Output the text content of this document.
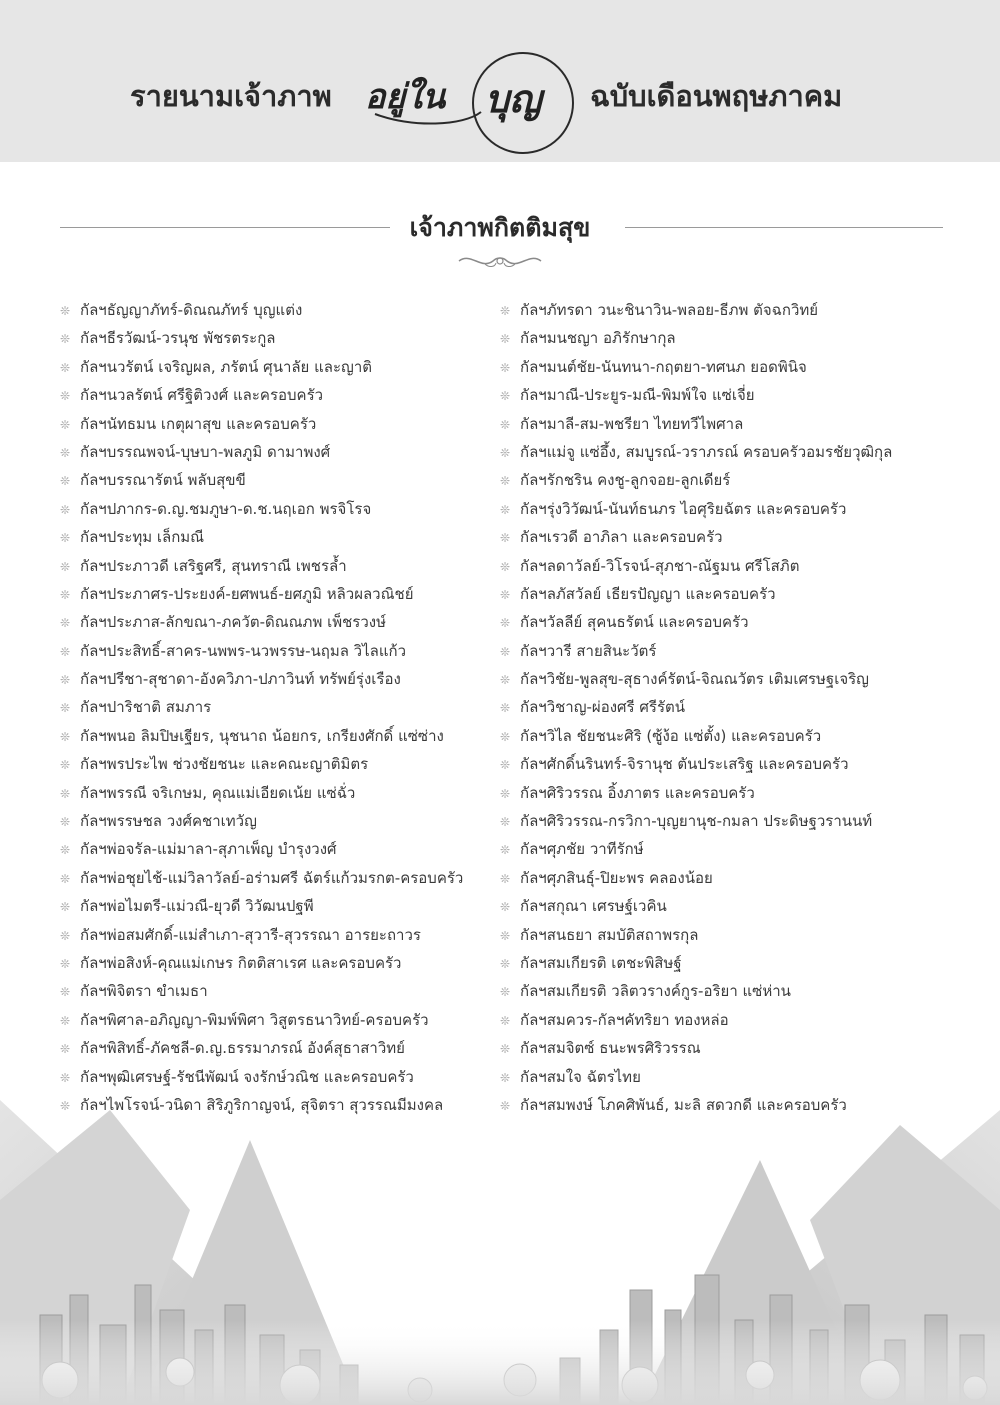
รายนามเจ้าภาพ อยู่ใน บุญ ฉบับเดือนพฤษภาคม
เจ้าภาพกิตติมสุข
❊ กัลฯธัญญาภัทร์-ดิณณภัทร์ บุญแต่ง
❊ กัลฯธีรวัฒน์-วรนุช พัชรตระกูล
❊ กัลฯนวรัตน์ เจริญผล, ภรัตน์ ศุนาลัย และญาติ
❊ กัลฯนวลรัตน์ ศรีฐิติวงศ์ และครอบครัว
❊ กัลฯนัทธมน เกตุผาสุข และครอบครัว
❊ กัลฯบรรณพจน์-บุษบา-พลภูมิ ดามาพงศ์
❊ กัลฯบรรณารัตน์ พลับสุขขี
❊ กัลฯปภากร-ด.ญ.ชมภูษา-ด.ช.นฤเอก พรจิโรจ
❊ กัลฯประทุม เล็กมณี
❊ กัลฯประภาวดี เสริฐศรี, สุนทราณี เพชรล้ำ
❊ กัลฯประภาศร-ประยงค์-ยศพนธ์-ยศภูมิ หลิวผลวณิชย์
❊ กัลฯประภาส-ลักขณา-ภควัต-ดิณณภพ เพ็ชรวงษ์
❊ กัลฯประสิทธิ์-สาคร-นพพร-นวพรรษ-นฤมล วิไลแก้ว
❊ กัลฯปรีชา-สุชาดา-อังควิภา-ปภาวินท์ ทรัพย์รุ่งเรือง
❊ กัลฯปาริชาติ สมภาร
❊ กัลฯพนอ ลิมปิษเฐียร, นุชนาถ น้อยกร, เกรียงศักดิ์ แซ่ซ่าง
❊ กัลฯพรประไพ ช่วงชัยชนะ และคณะญาติมิตร
❊ กัลฯพรรณี จริเกษม, คุณแม่เอียดเน้ย แซ่ฉั่ว
❊ กัลฯพรรษชล วงศ์คชาเทวัญ
❊ กัลฯพ่อจรัล-แม่มาลา-สุภาเพ็ญ บำรุงวงศ์
❊ กัลฯพ่อชุยไช้-แม่วิลาวัลย์-อร่ามศรี ฉัตร์แก้วมรกต-ครอบครัว
❊ กัลฯพ่อไมตรี-แม่วณี-ยุวดี วิวัฒนปฐพี
❊ กัลฯพ่อสมศักดิ์-แม่สำเภา-สุวารี-สุวรรณา อารยะถาวร
❊ กัลฯพ่อสิงห์-คุณแม่เกษร กิตติสาเรศ และครอบครัว
❊ กัลฯพิจิตรา ขำเมธา
❊ กัลฯพิศาล-อภิญญา-พิมพ์พิศา วิสูตรธนาวิทย์-ครอบครัว
❊ กัลฯพิสิทธิ์-ภัคชลี-ด.ญ.ธรรมาภรณ์ อังค์สุธาสาวิทย์
❊ กัลฯพุฒิเศรษฐ์-รัชนีพัฒน์ จงรักษ์วณิช และครอบครัว
❊ กัลฯไพโรจน์-วนิดา สิริภูริกาญจน์, สุจิตรา สุวรรณมีมงคล
❊ กัลฯภัทรดา วนะชินาวิน-พลอย-ธีภพ ตัจฉกวิทย์
❊ กัลฯมนชญา อภิรักษากุล
❊ กัลฯมนต์ชัย-นันทนา-กฤตยา-ทศนภ ยอดพินิจ
❊ กัลฯมาณี-ประยูร-มณี-พิมพ์ใจ แซ่เจี่ย
❊ กัลฯมาลี-สม-พชรียา ไทยทวีไพศาล
❊ กัลฯแม่จู แซ่อึ้ง, สมบูรณ์-วราภรณ์ ครอบครัวอมรชัยวุฒิกุล
❊ กัลฯรักชริน คงชู-ลูกจอย-ลูกเดียร์
❊ กัลฯรุ่งวิวัฒน์-นันท์ธนภร ไอศุริยฉัตร และครอบครัว
❊ กัลฯเรวดี อาภิลา และครอบครัว
❊ กัลฯลดาวัลย์-วิโรจน์-สุภชา-ณัฐมน ศรีโสภิต
❊ กัลฯลภัสวัลย์ เธียรปัญญา และครอบครัว
❊ กัลฯวัลลีย์ สุคนธรัตน์ และครอบครัว
❊ กัลฯวารี สายสินะวัตร์
❊ กัลฯวิชัย-พูลสุข-สุธางค์รัตน์-จิณณวัตร เติมเศรษฐเจริญ
❊ กัลฯวิชาญ-ผ่องศรี ศรีรัตน์
❊ กัลฯวิไล ชัยชนะศิริ (ซู้ง้อ แซ่ตั้ง) และครอบครัว
❊ กัลฯศักดิ์นรินทร์-จิรานุช ตันประเสริฐ และครอบครัว
❊ กัลฯศิริวรรณ อิ้งภาตร และครอบครัว
❊ กัลฯศิริวรรณ-กรวิกา-บุญยานุช-กมลา ประดิษฐวรานนท์
❊ กัลฯศุภชัย วาทีรักษ์
❊ กัลฯศุภสินธุ์-ปิยะพร คลองน้อย
❊ กัลฯสกุณา เศรษฐ์เวคิน
❊ กัลฯสนธยา สมบัติสถาพรกุล
❊ กัลฯสมเกียรติ เตชะพิสิษฐ์
❊ กัลฯสมเกียรติ วลิตวรางค์กูร-อริยา แซ่ห่าน
❊ กัลฯสมควร-กัลฯคัทริยา ทองหล่อ
❊ กัลฯสมจิตซ์ ธนะพรศิริวรรณ
❊ กัลฯสมใจ ฉัตรไทย
❊ กัลฯสมพงษ์ โภคศิพันธ์, มะลิ สดวกดี และครอบครัว
